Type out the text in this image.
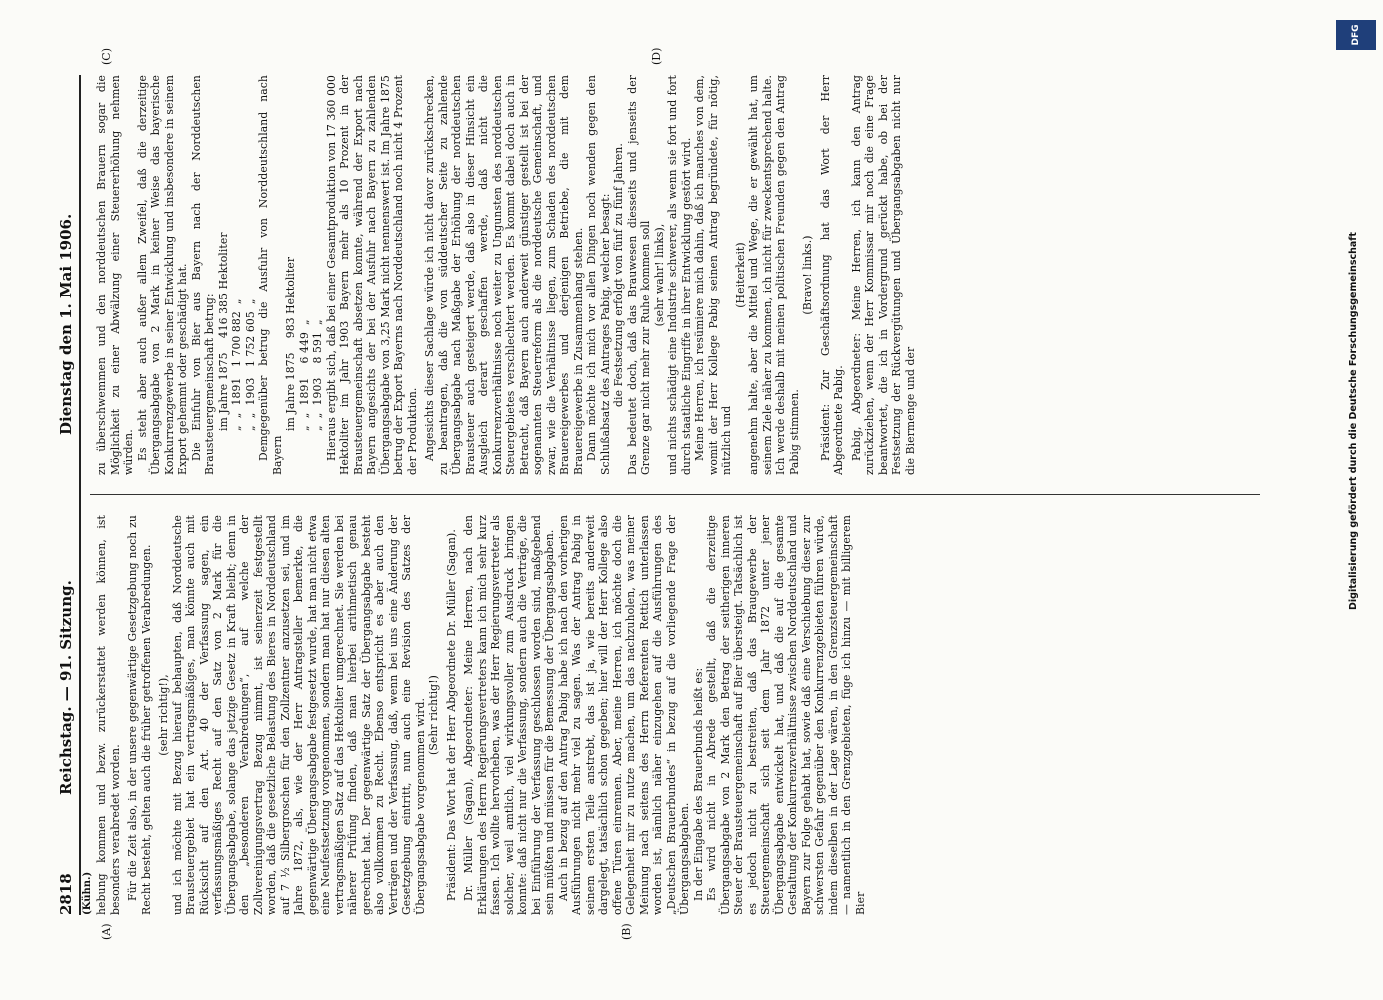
2818
Reichstag. — 91. Sitzung.
Dienstag den 1. Mai 1906.
(A)	(B)
(C)	(D)
(Kühn.) hebung kommen und bezw. zurückerstattet werden können, ist besonders verabredet worden. Für die Zeit also, in der unsere gegenwärtige Gesetzgebung noch zu Recht besteht, gelten auch die früher getroffenen Verabredungen. (sehr richtig!), und ich möchte mit Bezug hierauf behaupten, daß Norddeutsche Brausteuergebiet hat ein vertragsmäßiges, man könnte auch mit Rücksicht auf den Art. 40 der Verfassung sagen, ein verfassungsmäßiges Recht auf den Satz von 2 Mark für die Übergangsabgabe, solange das jetzige Gesetz in Kraft bleibt; denn in den „besonderen Verabredungen“, auf welche der Zollvereinigungsvertrag Bezug nimmt, ist seinerzeit festgestellt worden, daß die gesetzliche Belastung des Bieres in Norddeutschland auf 7 ½ Silbergroschen für den Zollzentner anzusetzen sei, und im Jahre 1872, als, wie der Herr Antragsteller bemerkte, die gegenwärtige Übergangsabgabe festgesetzt wurde, hat man nicht etwa eine Neufestsetzung vorgenommen, sondern man hat nur diesen alten vertragsmäßigen Satz auf das Hektoliter umgerechnet. Sie werden bei näherer Prüfung finden, daß man hierbei arithmetisch genau gerechnet hat. Der gegenwärtige Satz der Übergangsabgabe besteht also vollkommen zu Recht. Ebenso entspricht es aber auch den Verträgen und der Verfassung, daß, wenn bei uns eine Änderung der Gesetzgebung eintritt, nun auch eine Revision des Satzes der Übergangsabgabe vorgenommen wird. (Sehr richtig!) Präsident: Das Wort hat der Herr Abgeordnete Dr. Müller (Sagan). Dr. Müller (Sagan), Abgeordneter: Meine Herren, nach den Erklärungen des Herrn Regierungsvertreters kann ich mich sehr kurz fassen. Ich wollte hervorheben, was der Herr Regierungsvertreter als solcher, weil amtlich, viel wirkungsvoller zum Ausdruck bringen konnte: daß nicht nur die Verfassung, sondern auch die Verträge, die bei Einführung der Verfassung geschlossen worden sind, maßgebend sein müßten und müssen für die Bemessung der Übergangsabgaben. Auch in bezug auf den Antrag Pabig habe ich nach den vorherigen Ausführungen nicht mehr viel zu sagen. Was der Antrag Pabig in seinem ersten Teile anstrebt, das ist ja, wie bereits anderweit dargelegt, tatsächlich schon gegeben; hier will der Herr Kollege also offene Türen einrennen. Aber, meine Herren, ich möchte doch die Gelegenheit mir zu nutze machen, um das nachzuholen, was meiner Meinung nach seitens des Herrn Referenten Rettich unterlassen worden ist, nämlich näher einzugehen auf die Ausführungen des „Deutschen Brauerbundes“ in bezug auf die vorliegende Frage der Übergangsabgaben. In der Eingabe des Brauerbunds heißt es: Es wird nicht in Abrede gestellt, daß die derzeitige Übergangsabgabe von 2 Mark den Betrag der seitherigen inneren Steuer der Brausteuergemeinschaft auf Bier übersteigt. Tatsächlich ist es jedoch nicht zu bestreiten, daß das Braugewerbe der Steuergemeinschaft sich seit dem Jahr 1872 unter jener Übergangsabgabe entwickelt hat, und daß die auf die gesamte Gestaltung der Konkurrenzverhältnisse zwischen Norddeutschland und Bayern zur Folge gehabt hat, sowie daß eine Verschiebung dieser zur schwersten Gefahr gegenüber den Konkurrenzgebieten führen würde, indem dieselben in der Lage wären, in den Grenzsteuergemeinschaft — namentlich in den Grenzgebieten, füge ich hinzu — mit billigerem Bier

zu überschwemmen und den norddeutschen Brauern sogar die Möglichkeit zu einer Abwälzung einer Steuererhöhung nehmen würden. Es steht aber auch außer allem Zweifel, daß die derzeitige Übergangsabgabe von 2 Mark in keiner Weise das bayerische Konkurrenzgewerbe in seiner Entwicklung und insbesondere in seinem Export gehemmt oder geschädigt hat. Die Einfuhr von Bier aus Bayern nach der Norddeutschen Brausteuergemeinschaft betrug: im Jahre 1875    416 385 Hektoliter „  „  1891   1 700 882  „ „  „  1903   1 752 605  „ Demgegenüber betrug die Ausfuhr von Norddeutschland nach Bayern

im Jahre 1875    983 Hektoliter „  „  1891    6 449  „ „  „  1903    8 591  „ Hieraus ergibt sich, daß bei einer Gesamtproduktion von 17 360 000 Hektoliter im Jahr 1903 Bayern mehr als 10 Prozent in der Brausteuergemeinschaft absetzen konnte, während der Export nach Bayern angesichts der bei der Ausfuhr nach Bayern zu zahlenden Übergangsabgabe von 3,25 Mark nicht nennenswert ist. Im Jahre 1875 betrug der Export Bayerns nach Norddeutschland noch nicht 4 Prozent der Produktion. Angesichts dieser Sachlage würde ich nicht davor zurückschrecken, zu beantragen, daß die von süddeutscher Seite zu zahlende Übergangsabgabe nach Maßgabe der Erhöhung der norddeutschen Brausteuer auch gesteigert werde, daß also in dieser Hinsicht ein Ausgleich derart geschaffen werde, daß nicht die Konkurrenzverhältnisse noch weiter zu Ungunsten des norddeutschen Steuergebietes verschlechtert werden. Es kommt dabei doch auch in Betracht, daß Bayern auch anderweit günstiger gestellt ist bei der sogenannten Steuerreform als die norddeutsche Gemeinschaft, und zwar, wie die Verhältnisse liegen, zum Schaden des norddeutschen Brauereigewerbes und derjenigen Betriebe, die mit dem Brauereigewerbe in Zusammenhang stehen. Dann möchte ich mich vor allen Dingen noch wenden gegen den Schlußabsatz des Antrages Pabig, welcher besagt: die Festsetzung erfolgt von fünf zu fünf Jahren. Das bedeutet doch, daß das Brauwesen diesseits und jenseits der Grenze gar nicht mehr zur Ruhe kommen soll (sehr wahr! links), und nichts schädigt eine Industrie schwerer, als wenn sie fort und fort durch staatliche Eingriffe in ihrer Entwicklung gestört wird. Meine Herren, ich resümiere mich dahin, daß ich manches von dem, womit der Herr Kollege Pabig seinen Antrag begründete, für nötig, nützlich und

(Heiterkeit) angenehm halte, aber die Mittel und Wege, die er gewählt hat, um seinem Ziele näher zu kommen, ich nicht für zweckentsprechend halte. Ich werde deshalb mit meinen politischen Freunden gegen den Antrag Pabig stimmen.

(Bravo! links.) Präsident: Zur Geschäftsordnung hat das Wort der Herr Abgeordnete Pabig. Pabig, Abgeordneter: Meine Herren, ich kann den Antrag zurückziehen, wenn der Herr Kommissar mir noch die eine Frage beantwortet, die ich in Vordergrund gerückt habe, ob bei der Festsetzung der Rückvergütungen und Übergangsabgaben nicht nur die Biermenge und der	Digitalisierung gefördert durch die Deutsche Forschungsgemeinschaft
DFG
